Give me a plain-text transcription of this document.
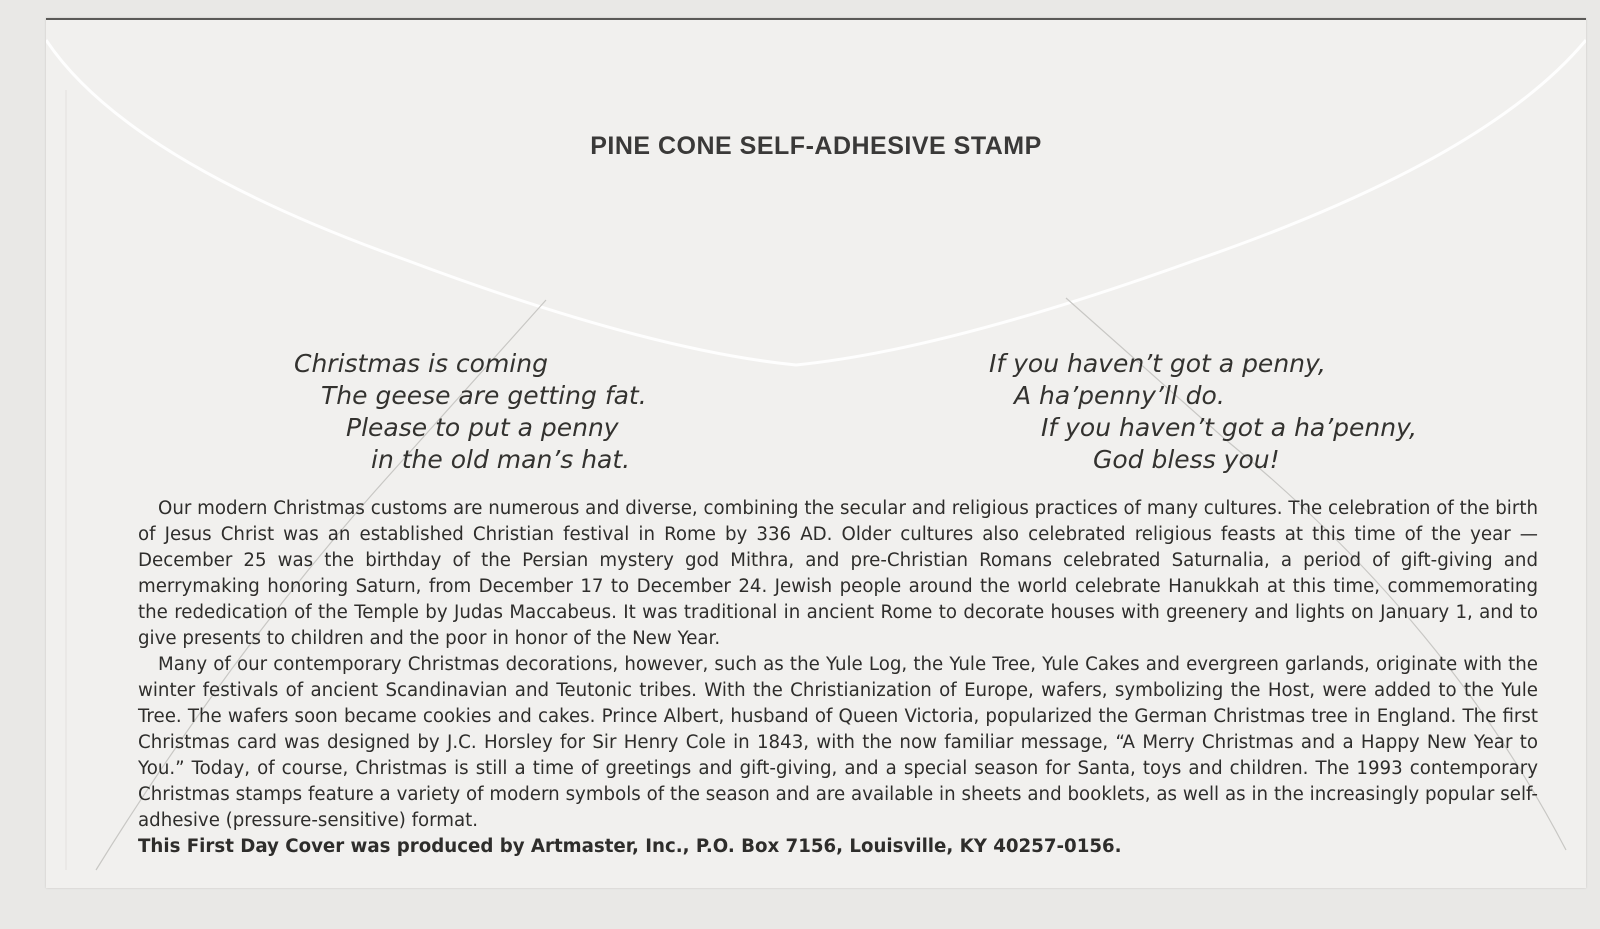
PINE CONE SELF-ADHESIVE STAMP
Christmas is coming
The geese are getting fat.
Please to put a penny
in the old man’s hat.
If you haven’t got a penny,
A ha’penny’ll do.
If you haven’t got a ha’penny,
God bless you!

Our modern Christmas customs are numerous and diverse, combining the secular and religious practices of many cultures. The celebration of the birth of Jesus Christ was an established Christian festival in Rome by 336 AD. Older cultures also celebrated religious feasts at this time of the year — December 25 was the birthday of the Persian mystery god Mithra, and pre-Christian Romans celebrated Saturnalia, a period of gift-giving and merrymaking honoring Saturn, from December 17 to December 24. Jewish people around the world celebrate Hanukkah at this time, commemorating the rededication of the Temple by Judas Maccabeus. It was traditional in ancient Rome to decorate houses with greenery and lights on January 1, and to give presents to children and the poor in honor of the New Year.

Many of our contemporary Christmas decorations, however, such as the Yule Log, the Yule Tree, Yule Cakes and evergreen garlands, originate with the winter festivals of ancient Scandinavian and Teutonic tribes. With the Christianization of Europe, wafers, symbolizing the Host, were added to the Yule Tree. The wafers soon became cookies and cakes. Prince Albert, husband of Queen Victoria, popularized the German Christmas tree in England. The first Christmas card was designed by J.C. Horsley for Sir Henry Cole in 1843, with the now familiar message, “A Merry Christmas and a Happy New Year to You.” Today, of course, Christmas is still a time of greetings and gift-giving, and a special season for Santa, toys and children. The 1993 contemporary Christmas stamps feature a variety of modern symbols of the season and are available in sheets and booklets, as well as in the increasingly popular self-adhesive (pressure-sensitive) format.

This First Day Cover was produced by Artmaster, Inc., P.O. Box 7156, Louisville, KY 40257-0156.
